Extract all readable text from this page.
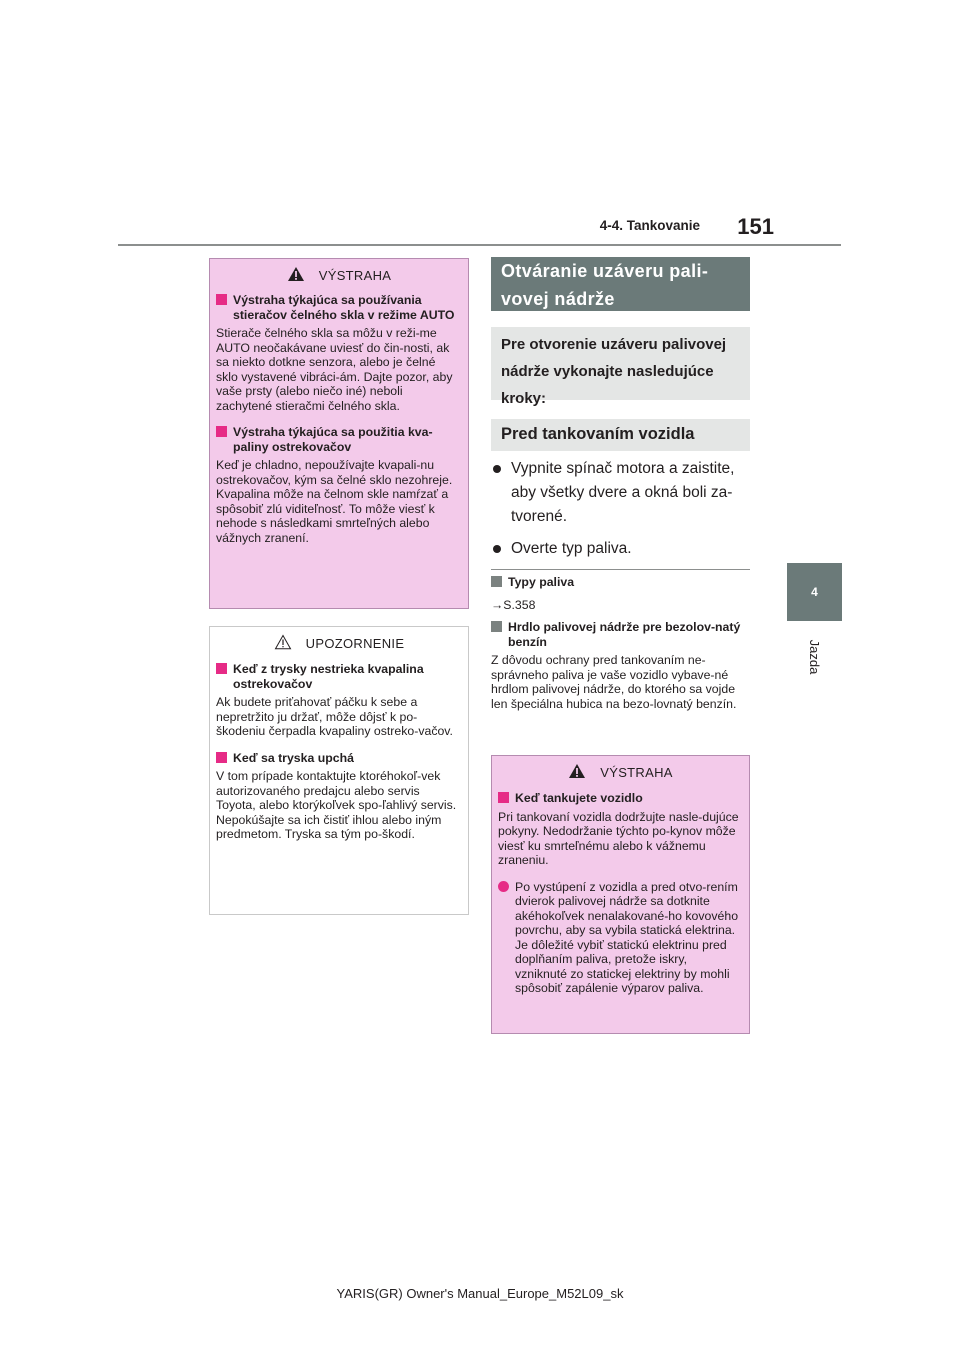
4-4. Tankovanie	151
4
Jazda
VÝSTRAHA
Výstraha týkajúca sa používania stieračov čelného skla v režime AUTO
Stierače čelného skla sa môžu v reži-me AUTO neočakávane uviesť do čin-nosti, ak sa niekto dotkne senzora, alebo je čelné sklo vystavené vibráci-ám. Dajte pozor, aby vaše prsty (alebo niečo iné) neboli zachytené stieračmi čelného skla.
Výstraha týkajúca sa použitia kva-paliny ostrekovačov
Keď je chladno, nepoužívajte kvapali-nu ostrekovačov, kým sa čelné sklo nezohreje. Kvapalina môže na čelnom skle namŕzať a spôsobiť zlú viditeľnosť. To môže viesť k nehode s následkami smrteľných alebo vážnych zranení.
UPOZORNENIE
Keď z trysky nestrieka kvapalina ostrekovačov
Ak budete priťahovať páčku k sebe a nepretržito ju držať, môže dôjsť k po-škodeniu čerpadla kvapaliny ostreko-vačov.
Keď sa tryska upchá
V tom prípade kontaktujte ktoréhokoľ-vek autorizovaného predajcu alebo servis Toyota, alebo ktorýkoľvek spo-ľahlivý servis. Nepokúšajte sa ich čistiť ihlou alebo iným predmetom. Tryska sa tým po-škodí.
Otváranie uzáveru pali-vovej nádrže
Pre otvorenie uzáveru palivovej nádrže vykonajte nasledujúce kroky:
Pred tankovaním vozidla
Vypnite spínač motora a zaistite, aby všetky dvere a okná boli za-tvorené.
Overte typ paliva.
Typy paliva
→S.358
Hrdlo palivovej nádrže pre bezolov-natý benzín
Z dôvodu ochrany pred tankovaním ne-správneho paliva je vaše vozidlo vybave-né hrdlom palivovej nádrže, do ktorého sa vojde len špeciálna hubica na bezo-lovnatý benzín.
VÝSTRAHA
Keď tankujete vozidlo
Pri tankovaní vozidla dodržujte nasle-dujúce pokyny. Nedodržanie týchto po-kynov môže viesť ku smrteľnému alebo k vážnemu zraneniu.
Po vystúpení z vozidla a pred otvo-rením dvierok palivovej nádrže sa dotknite akéhokoľvek nenalakované-ho kovového povrchu, aby sa vybila statická elektrina. Je dôležité vybiť statickú elektrinu pred doplňaním paliva, pretože iskry, vzniknuté zo statickej elektriny by mohli spôsobiť zapálenie výparov paliva.
YARIS(GR) Owner's Manual_Europe_M52L09_sk
